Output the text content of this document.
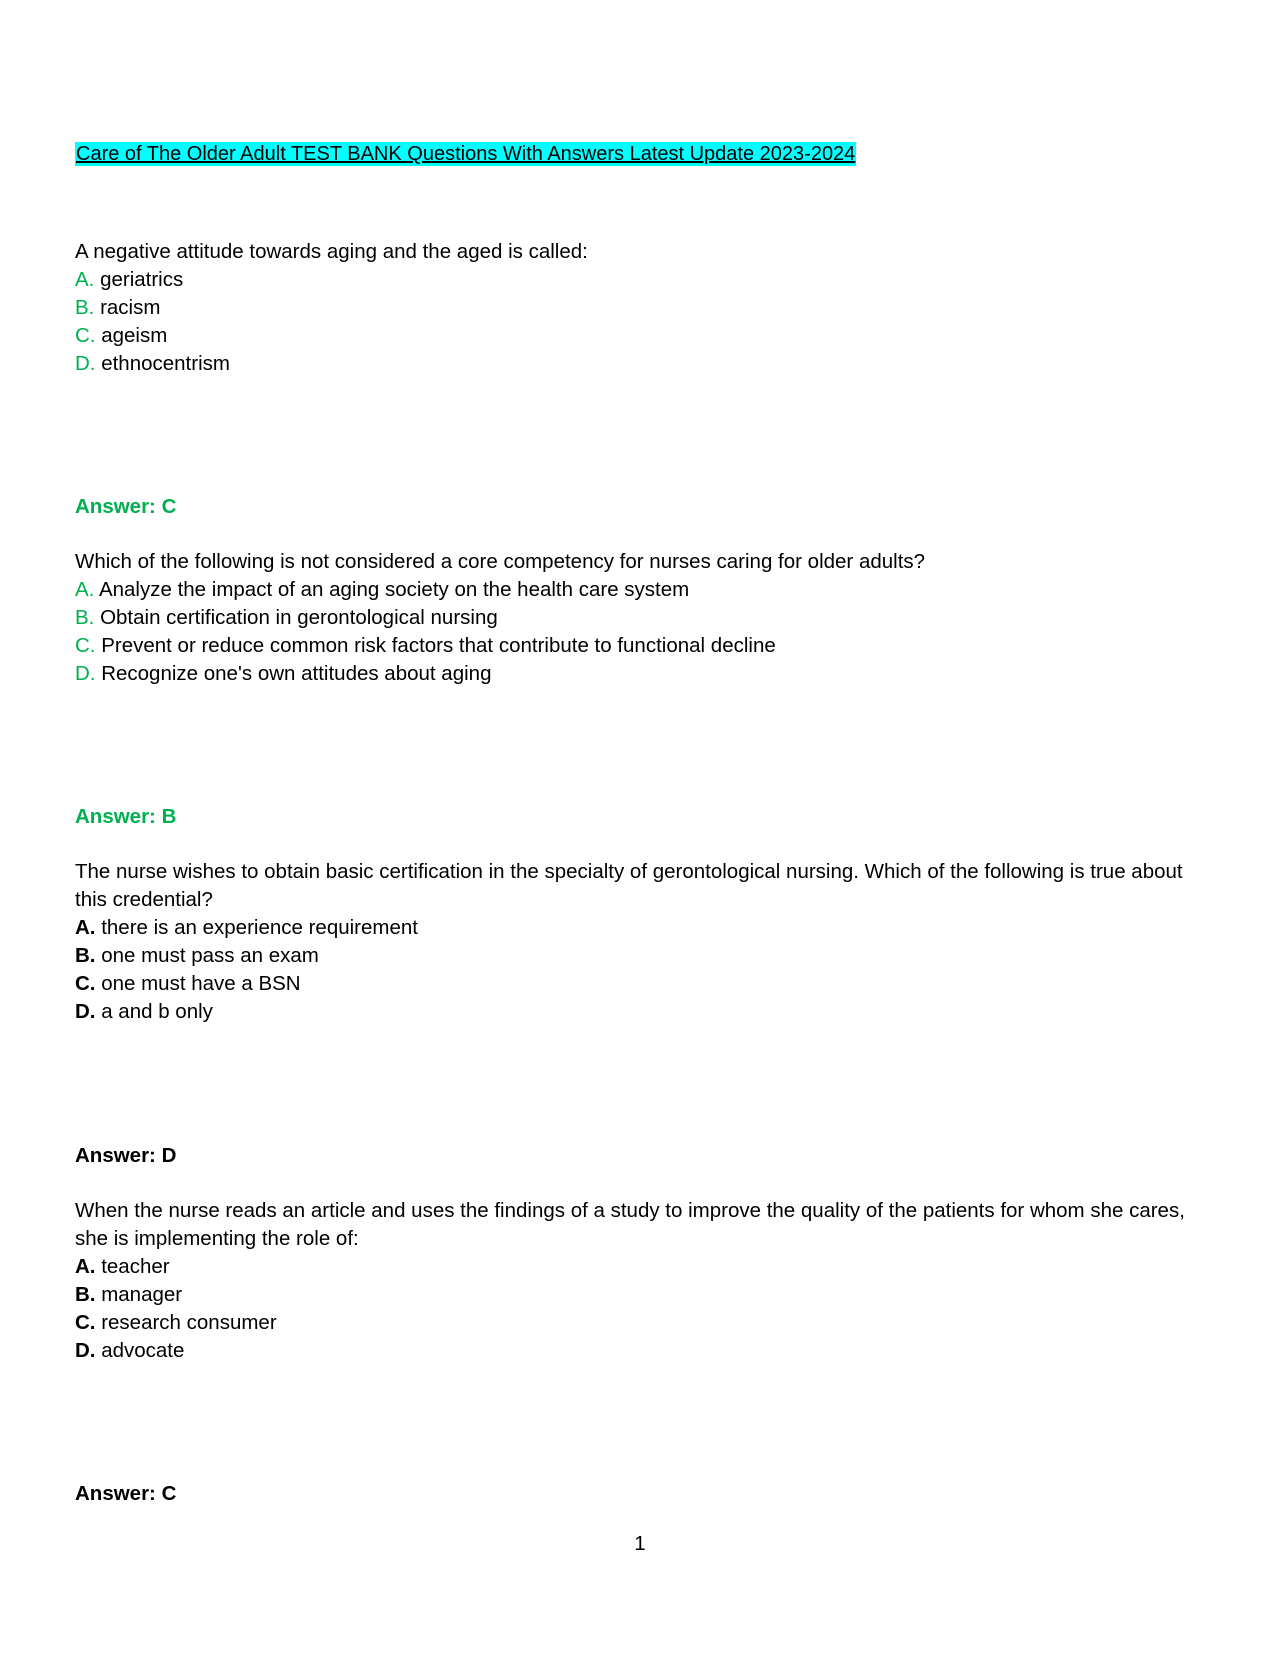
Care of The Older Adult TEST BANK Questions With Answers Latest Update 2023-2024
A negative attitude towards aging and the aged is called:
A. geriatrics
B. racism
C. ageism
D. ethnocentrism
Answer: C
Which of the following is not considered a core competency for nurses caring for older adults?
A. Analyze the impact of an aging society on the health care system
B. Obtain certification in gerontological nursing
C. Prevent or reduce common risk factors that contribute to functional decline
D. Recognize one's own attitudes about aging
Answer: B
The nurse wishes to obtain basic certification in the specialty of gerontological nursing. Which of the following is true about this credential?
A. there is an experience requirement
B. one must pass an exam
C. one must have a BSN
D. a and b only
Answer: D
When the nurse reads an article and uses the findings of a study to improve the quality of the patients for whom she cares, she is implementing the role of:
A. teacher
B. manager
C. research consumer
D. advocate
Answer: C
1
